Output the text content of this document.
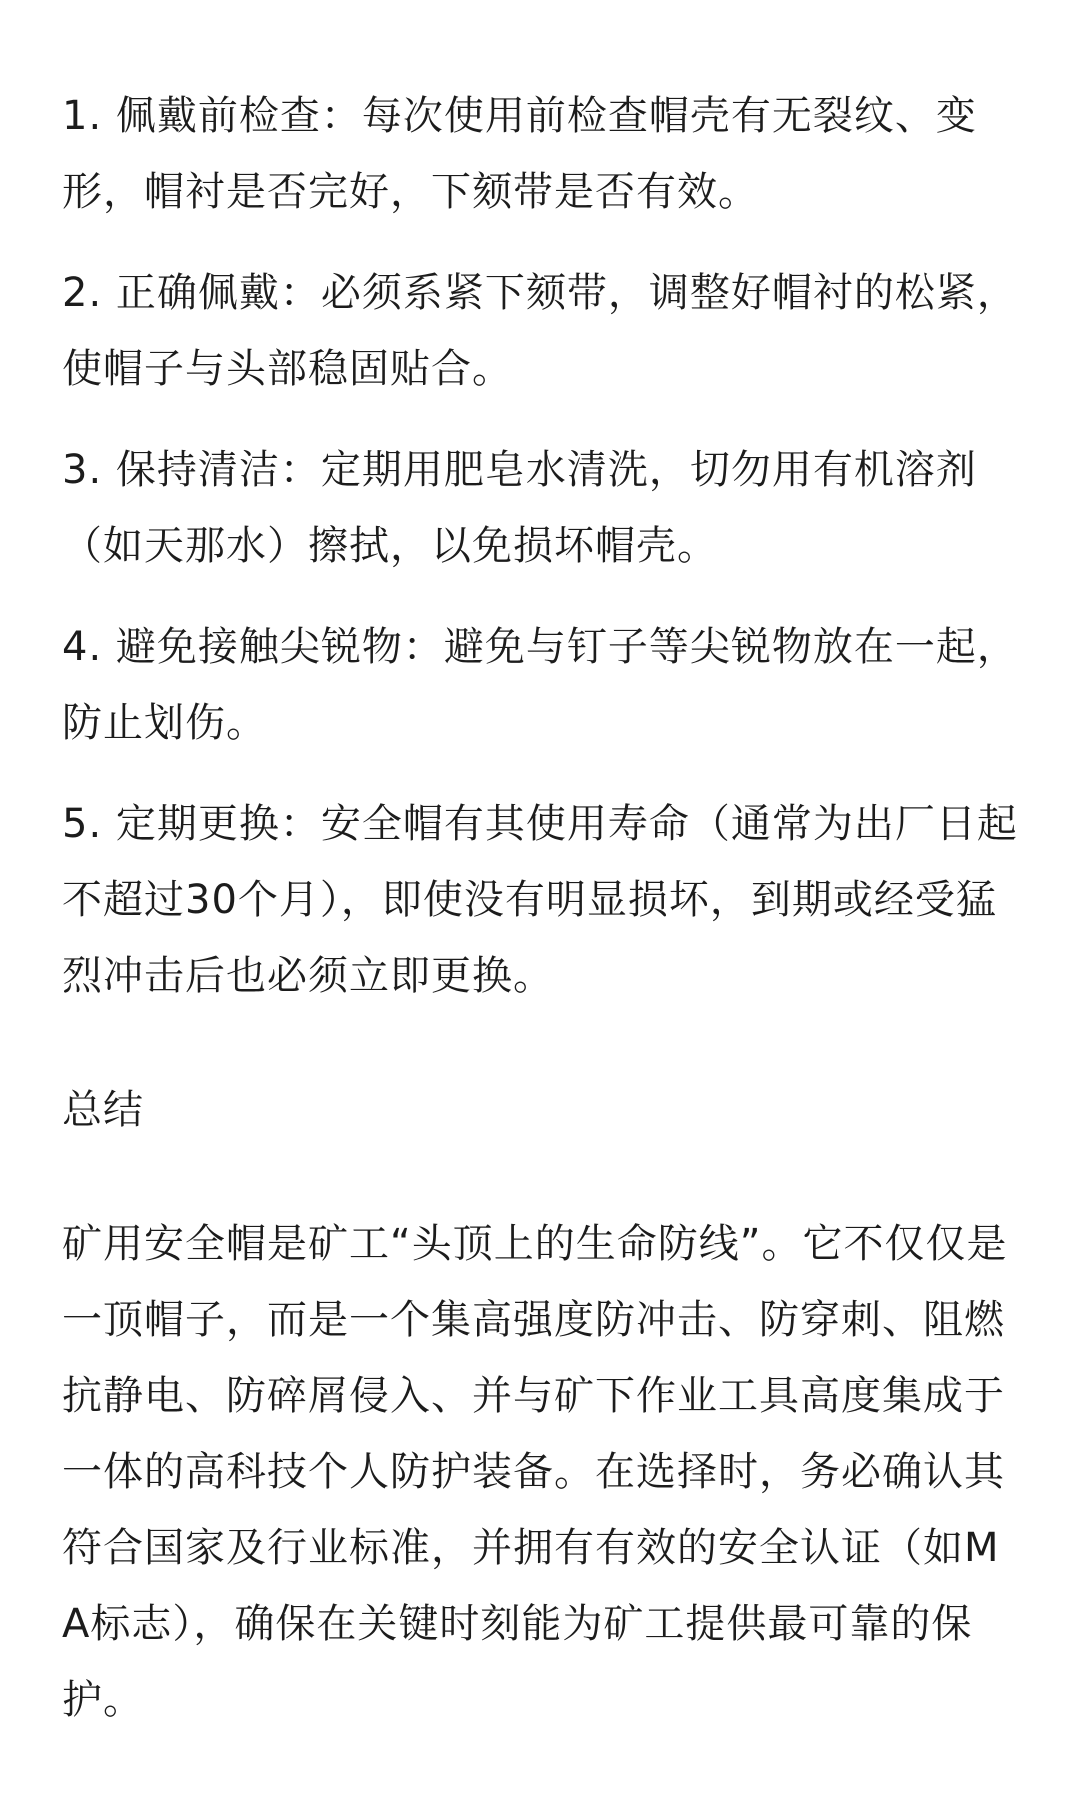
1. 佩戴前检查：每次使用前检查帽壳有无裂纹、变形，帽衬是否完好，下颏带是否有效。

2. 正确佩戴：必须系紧下颏带，调整好帽衬的松紧，使帽子与头部稳固贴合。

3. 保持清洁：定期用肥皂水清洗，切勿用有机溶剂（如天那水）擦拭，以免损坏帽壳。

4. 避免接触尖锐物：避免与钉子等尖锐物放在一起，防止划伤。

5. 定期更换：安全帽有其使用寿命（通常为出厂日起不超过30个月），即使没有明显损坏，到期或经受猛烈冲击后也必须立即更换。

总结

矿用安全帽是矿工“头顶上的生命防线”。它不仅仅是一顶帽子，而是一个集高强度防冲击、防穿刺、阻燃抗静电、防碎屑侵入、并与矿下作业工具高度集成于一体的高科技个人防护装备。在选择时，务必确认其符合国家及行业标准，并拥有有效的安全认证（如MA标志），确保在关键时刻能为矿工提供最可靠的保护。
